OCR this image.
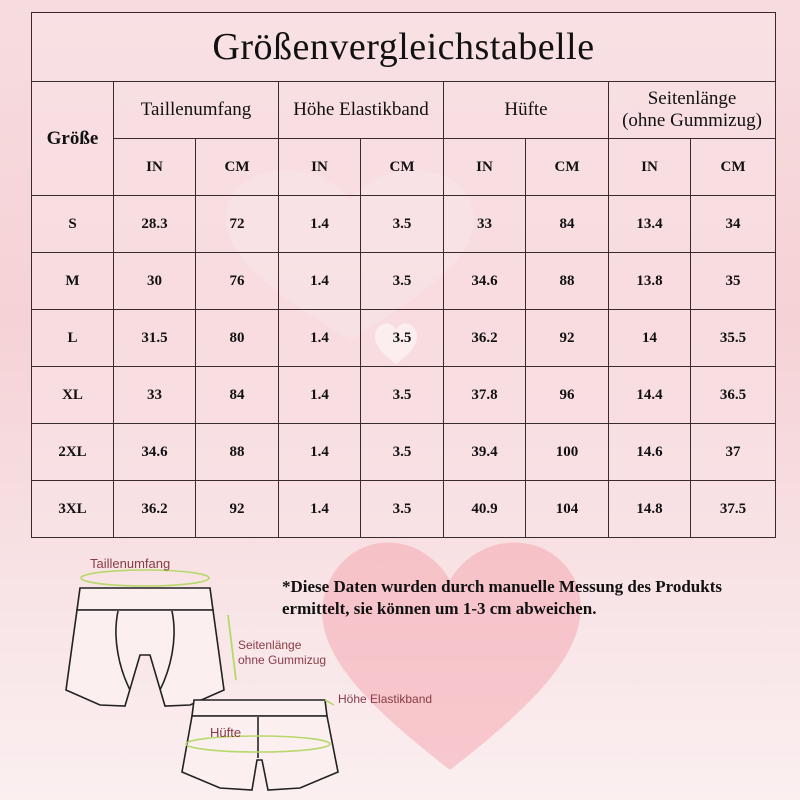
Größenvergleichstabelle								
Größe	Taillenumfang		Höhe Elastikband		Hüfte		Seitenlänge
(ohne Gummizug)	
	IN	CM	IN	CM	IN	CM	IN	CM
S	28.3	72	1.4	3.5	33	84	13.4	34
M	30	76	1.4	3.5	34.6	88	13.8	35
L	31.5	80	1.4	3.5	36.2	92	14	35.5
XL	33	84	1.4	3.5	37.8	96	14.4	36.5
2XL	34.6	88	1.4	3.5	39.4	100	14.6	37
3XL	36.2	92	1.4	3.5	40.9	104	14.8	37.5
Taillenumfang
Seitenlänge
ohne Gummizug
Höhe Elastikband
Hüfte
*Diese Daten wurden durch manuelle Messung des Produkts
ermittelt, sie können um 1-3 cm abweichen.
